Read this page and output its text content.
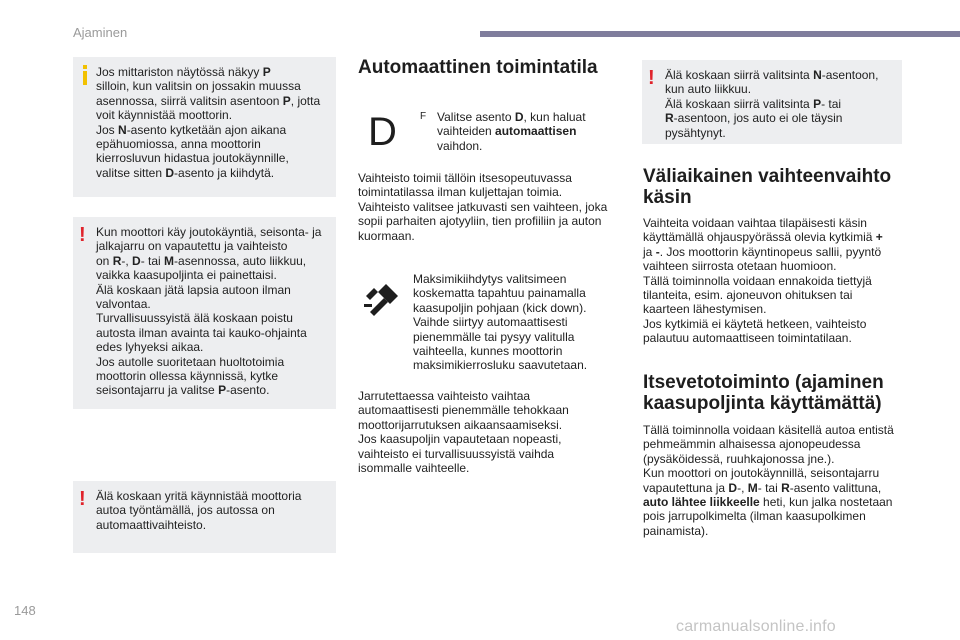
Ajaminen
Jos mittariston näytössä näkyy P
silloin, kun valitsin on jossakin muussa
asennossa, siirrä valitsin asentoon P, jotta
voit käynnistää moottorin.
Jos N-asento kytketään ajon aikana
epähuomiossa, anna moottorin
kierrosluvun hidastua joutokäynnille,
valitse sitten D-asento ja kiihdytä.
! Kun moottori käy joutokäyntiä, seisonta- ja
jalkajarru on vapautettu ja vaihteisto
on R-, D- tai M-asennossa, auto liikkuu,
vaikka kaasupoljinta ei painettaisi.
Älä koskaan jätä lapsia autoon ilman
valvontaa.
Turvallisuussyistä älä koskaan poistu
autosta ilman avainta tai kauko-ohjainta
edes lyhyeksi aikaa.
Jos autolle suoritetaan huoltotoimia
moottorin ollessa käynnissä, kytke
seisontajarru ja valitse P-asento.
! Älä koskaan yritä käynnistää moottoria
autoa työntämällä, jos autossa on
automaattivaihteisto.
Automaattinen toimintatila
D F Valitse asento D, kun haluat
vaihteiden automaattisen
vaihdon.
Vaihteisto toimii tällöin itsesopeutuvassa
toimintatilassa ilman kuljettajan toimia.
Vaihteisto valitsee jatkuvasti sen vaihteen, joka
sopii parhaiten ajotyyliin, tien profiiliin ja auton
kuormaan.
Maksimikiihdytys valitsimeen
koskematta tapahtuu painamalla
kaasupoljin pohjaan (kick down).
Vaihde siirtyy automaattisesti
pienemmälle tai pysyy valitulla
vaihteella, kunnes moottorin
maksimikierrosluku saavutetaan.
Jarrutettaessa vaihteisto vaihtaa
automaattisesti pienemmälle tehokkaan
moottorijarrutuksen aikaansaamiseksi.
Jos kaasupoljin vapautetaan nopeasti,
vaihteisto ei turvallisuussyistä vaihda
isommalle vaihteelle.
! Älä koskaan siirrä valitsinta N-asentoon,
kun auto liikkuu.
Älä koskaan siirrä valitsinta P- tai
R-asentoon, jos auto ei ole täysin
pysähtynyt.
Väliaikainen vaihteenvaihto
käsin
Vaihteita voidaan vaihtaa tilapäisesti käsin
käyttämällä ohjauspyörässä olevia kytkimiä +
ja -. Jos moottorin käyntinopeus sallii, pyyntö
vaihteen siirrosta otetaan huomioon.
Tällä toiminnolla voidaan ennakoida tiettyjä
tilanteita, esim. ajoneuvon ohituksen tai
kaarteen lähestymisen.
Jos kytkimiä ei käytetä hetkeen, vaihteisto
palautuu automaattiseen toimintatilaan.
Itsevetotoiminto (ajaminen
kaasupoljinta käyttämättä)
Tällä toiminnolla voidaan käsitellä autoa entistä
pehmeämmin alhaisessa ajonopeudessa
(pysäköidessä, ruuhkajonossa jne.).
Kun moottori on joutokäynnillä, seisontajarru
vapautettuna ja D-, M- tai R-asento valittuna,
auto lähtee liikkeelle heti, kun jalka nostetaan
pois jarrupolkimelta (ilman kaasupolkimen
painamista).
148
carmanualsonline.info
